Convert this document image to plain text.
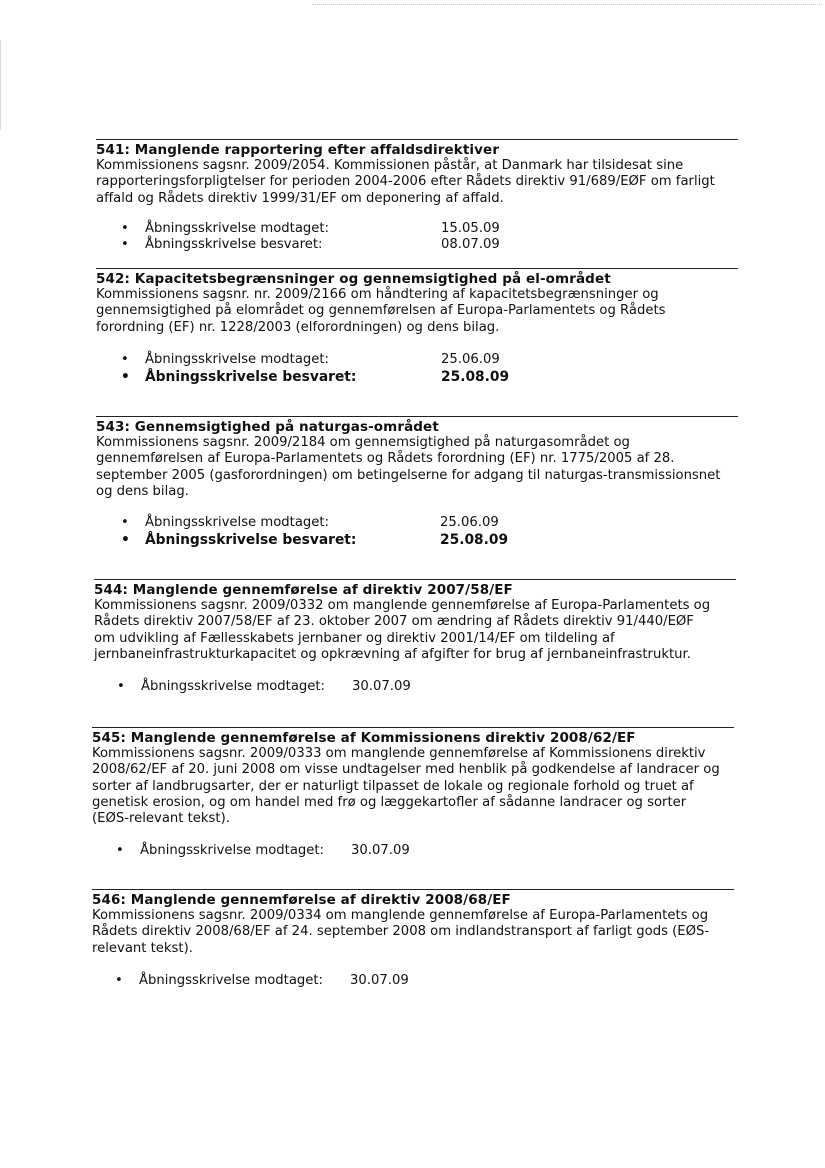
541: Manglende rapportering efter affaldsdirektiver
Kommissionens sagsnr. 2009/2054. Kommissionen påstår, at Danmark har tilsidesat sine
rapporteringsforpligtelser for perioden 2004-2006 efter Rådets direktiv 91/689/EØF om farligt
affald og Rådets direktiv 1999/31/EF om deponering af affald.
• Åbningsskrivelse modtaget:	15.05.09
• Åbningsskrivelse besvaret:	08.07.09
542: Kapacitetsbegrænsninger og gennemsigtighed på el-området
Kommissionens sagsnr. nr. 2009/2166 om håndtering af kapacitetsbegrænsninger og
gennemsigtighed på elområdet og gennemførelsen af Europa-Parlamentets og Rådets
forordning (EF) nr. 1228/2003 (elforordningen) og dens bilag.
• Åbningsskrivelse modtaget:	25.06.09
• Åbningsskrivelse besvaret:	25.08.09
543: Gennemsigtighed på naturgas-området
Kommissionens sagsnr. 2009/2184 om gennemsigtighed på naturgasområdet og
gennemførelsen af Europa-Parlamentets og Rådets forordning (EF) nr. 1775/2005 af 28.
september 2005 (gasforordningen) om betingelserne for adgang til naturgas-transmissionsnet
og dens bilag.
• Åbningsskrivelse modtaget:	25.06.09
• Åbningsskrivelse besvaret:	25.08.09
544: Manglende gennemførelse af direktiv 2007/58/EF
Kommissionens sagsnr. 2009/0332 om manglende gennemførelse af Europa-Parlamentets og
Rådets direktiv 2007/58/EF af 23. oktober 2007 om ændring af Rådets direktiv 91/440/EØF
om udvikling af Fællesskabets jernbaner og direktiv 2001/14/EF om tildeling af
jernbaneinfrastrukturkapacitet og opkrævning af afgifter for brug af jernbaneinfrastruktur.
• Åbningsskrivelse modtaget: 30.07.09
545: Manglende gennemførelse af Kommissionens direktiv 2008/62/EF
Kommissionens sagsnr. 2009/0333 om manglende gennemførelse af Kommissionens direktiv
2008/62/EF af 20. juni 2008 om visse undtagelser med henblik på godkendelse af landracer og
sorter af landbrugsarter, der er naturligt tilpasset de lokale og regionale forhold og truet af
genetisk erosion, og om handel med frø og læggekartofler af sådanne landracer og sorter
(EØS-relevant tekst).
• Åbningsskrivelse modtaget: 30.07.09
546: Manglende gennemførelse af direktiv 2008/68/EF
Kommissionens sagsnr. 2009/0334 om manglende gennemførelse af Europa-Parlamentets og
Rådets direktiv 2008/68/EF af 24. september 2008 om indlandstransport af farligt gods (EØS-
relevant tekst).
• Åbningsskrivelse modtaget: 30.07.09
